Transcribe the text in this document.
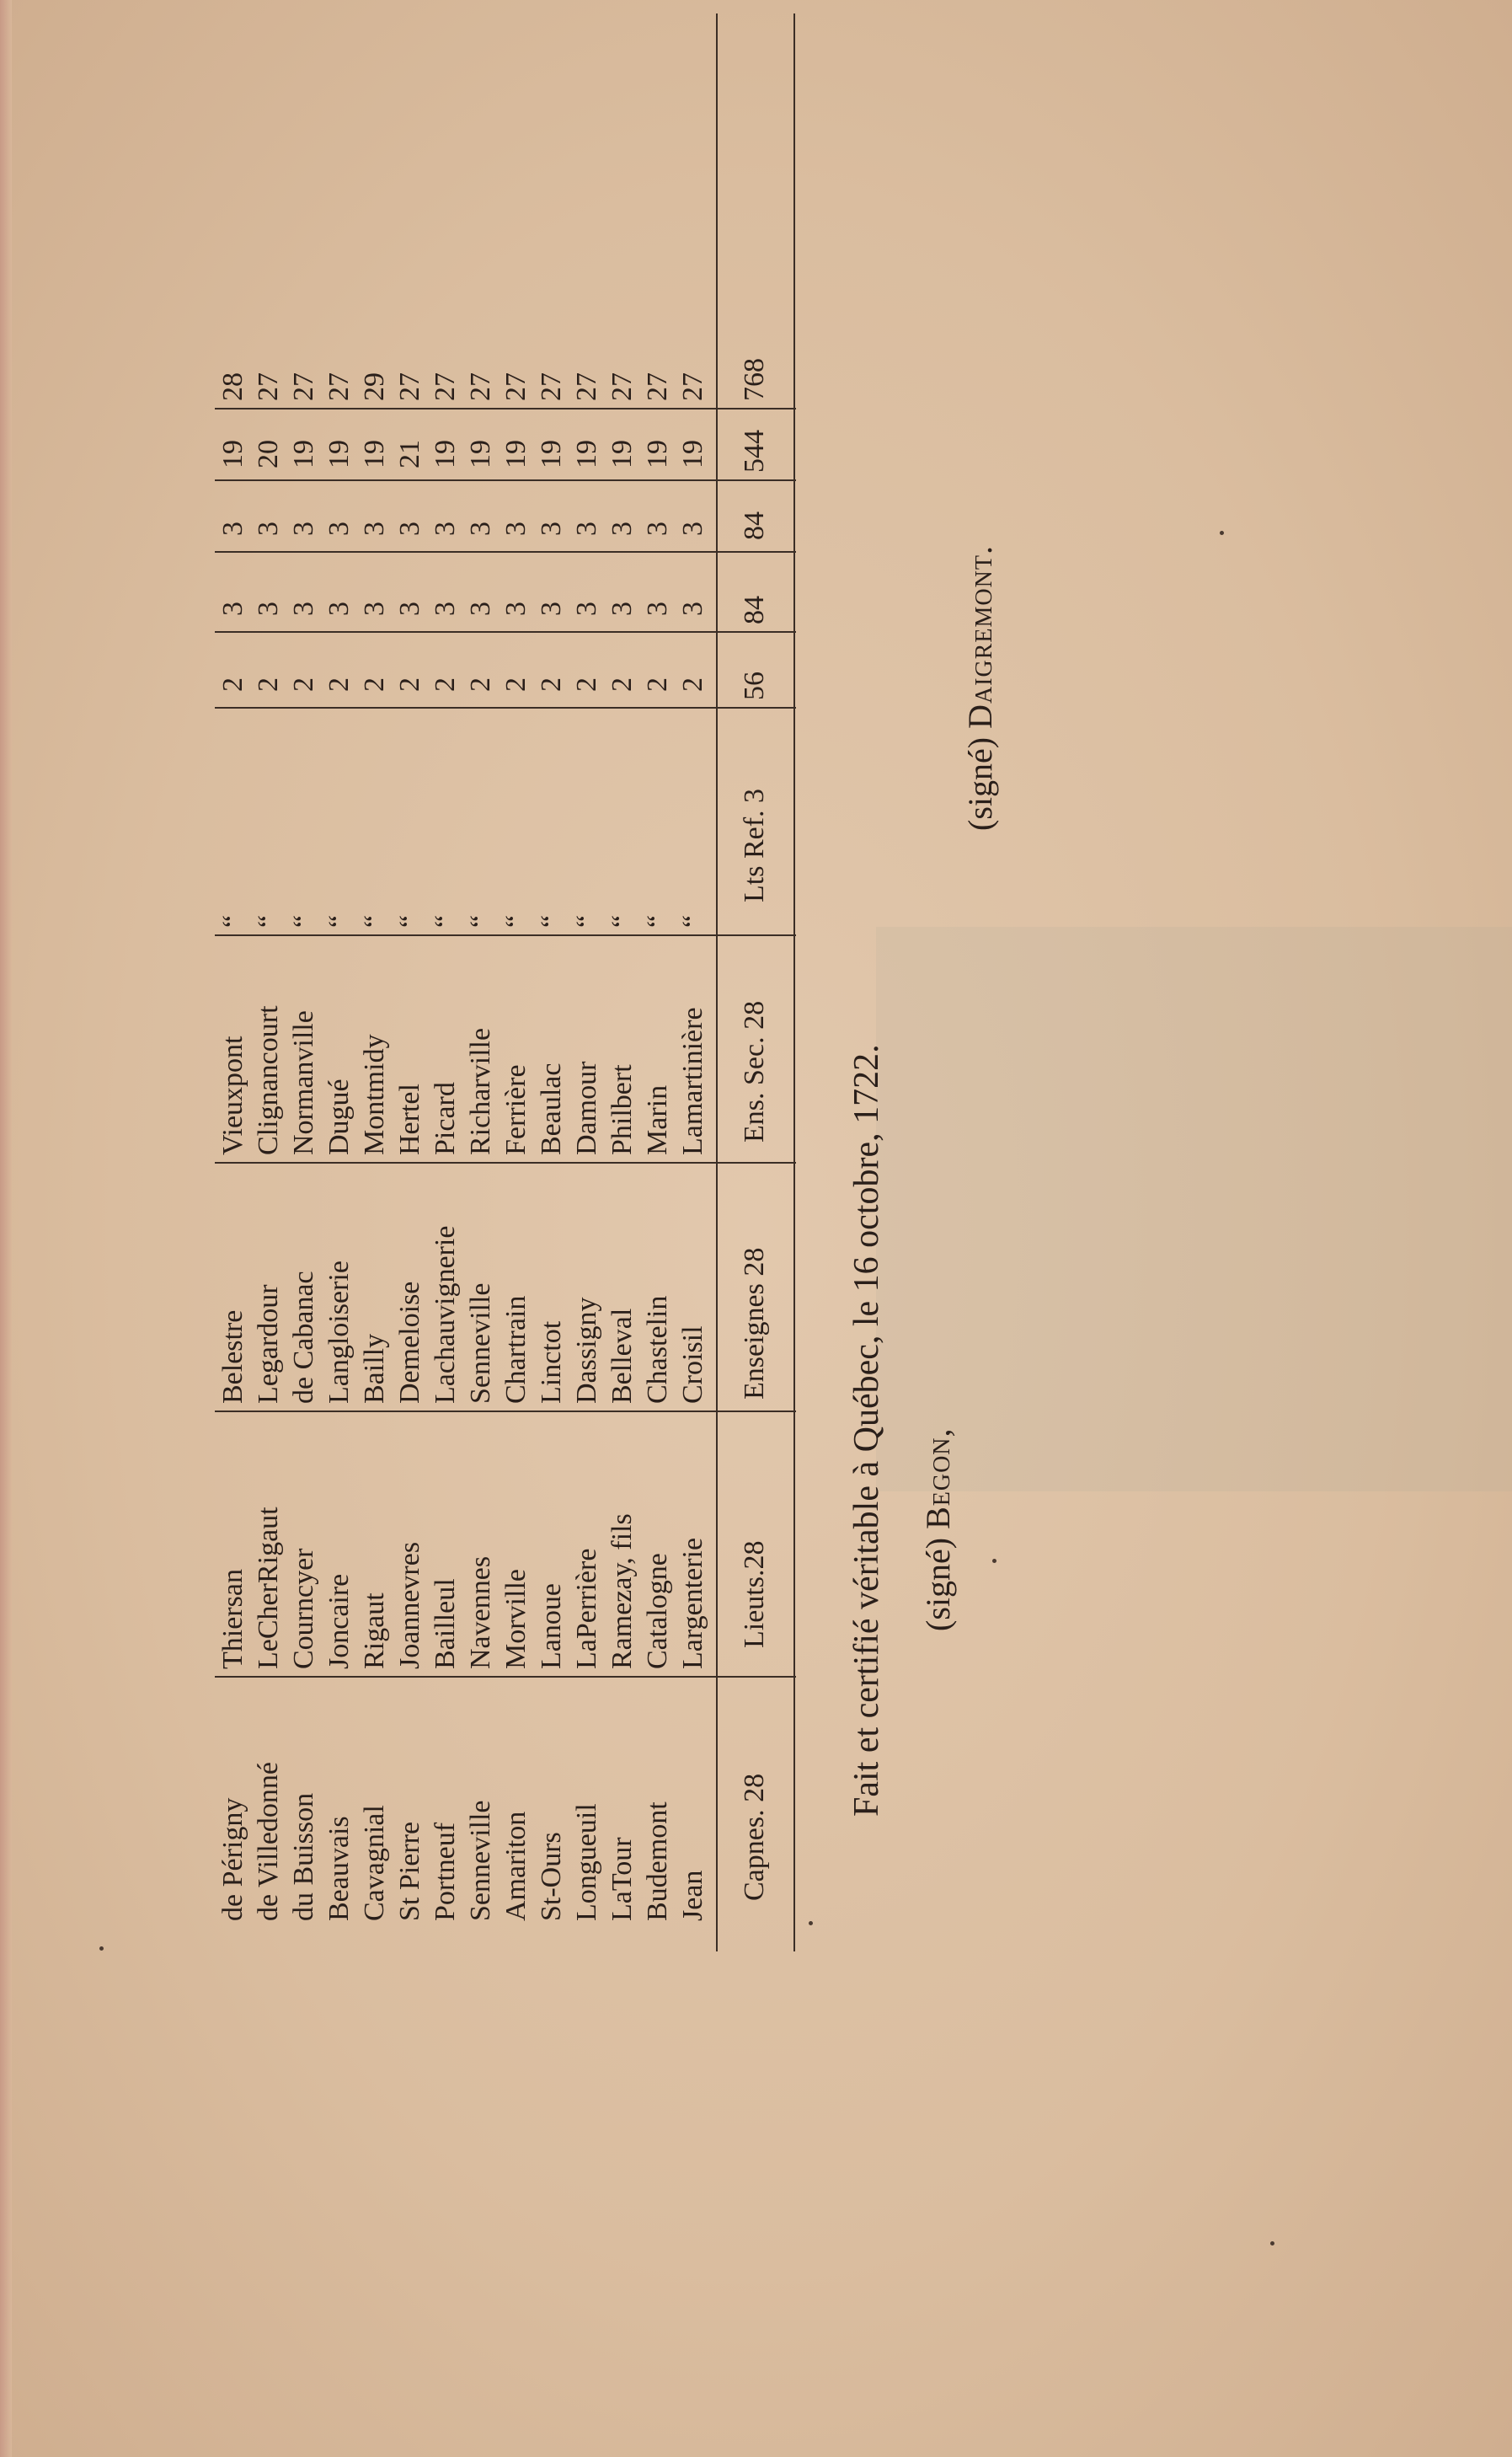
de Périgny
Thiersan
Belestre
Vieuxpont
“
2
3
3
19
28
de Villedonné
LeCherRigaut
Legardour
Clignancourt
“
2
3
3
20
27
du Buisson
Courncyer
de Cabanac
Normanville
“
2
3
3
19
27
Beauvais
Joncaire
Langloiserie
Dugué
“
2
3
3
19
27
Cavagnial
Rigaut
Bailly
Montmidy
“
2
3
3
19
29
St Pierre
Joannevres
Demeloise
Hertel
“
2
3
3
21
27
Portneuf
Bailleul
Lachauvignerie
Picard
“
2
3
3
19
27
Senneville
Navennes
Senneville
Richarville
“
2
3
3
19
27
Amariton
Morville
Chartrain
Ferrière
“
2
3
3
19
27
St-Ours
Lanoue
Linctot
Beaulac
“
2
3
3
19
27
Longueuil
LaPerrière
Dassigny
Damour
“
2
3
3
19
27
LaTour
Ramezay, fils
Belleval
Philbert
“
2
3
3
19
27
Budemont
Catalogne
Chastelin
Marin
“
2
3
3
19
27
Jean
Largenterie
Croisil
Lamartinière
“
2
3
3
19
27
Capnes. 28
Lieuts.28
Enseignes 28
Ens. Sec. 28
Lts Ref. 3
56
84
84
544
768
Fait et certifié véritable à Québec, le 16 octobre, 1722. (signé) Begon,
(signé) Daigremont.
